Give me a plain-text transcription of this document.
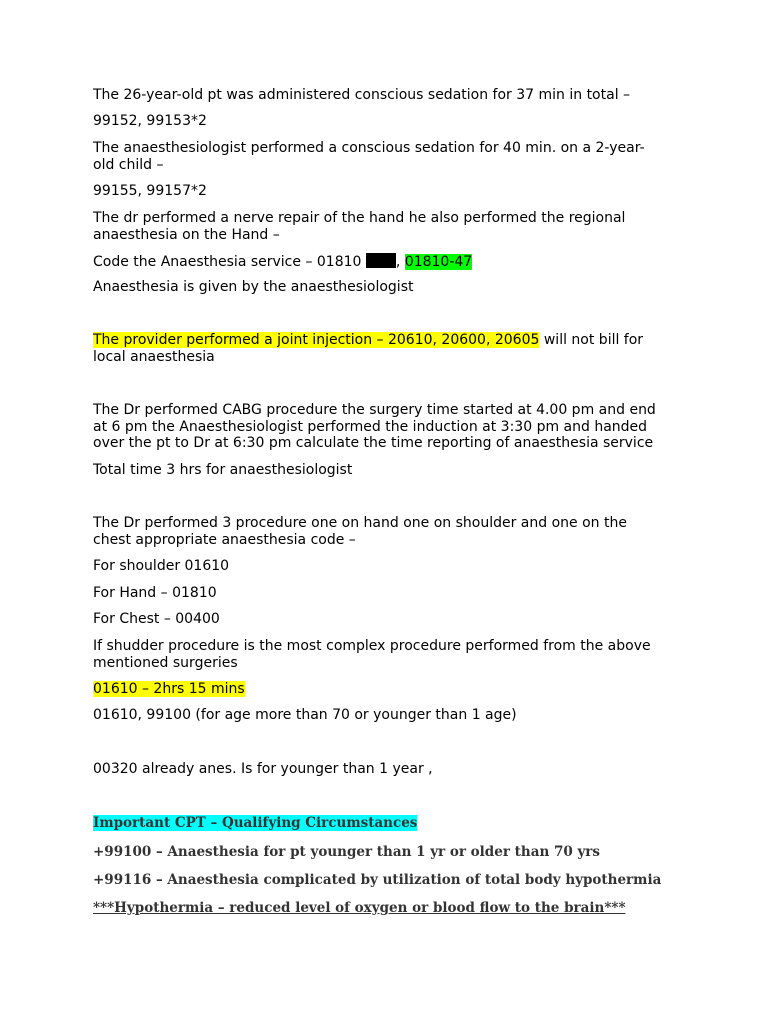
The 26-year-old pt was administered conscious sedation for 37 min in total –

99152, 99153*2

The anaesthesiologist performed a conscious sedation for 40 min. on a 2-year-old child –

99155, 99157*2

The dr performed a nerve repair of the hand he also performed the regional anaesthesia on the Hand –

Code the Anaesthesia service – 01810 , 01810-47

Anaesthesia is given by the anaesthesiologist

The provider performed a joint injection – 20610, 20600, 20605 will not bill for local anaesthesia

The Dr performed CABG procedure the surgery time started at 4.00 pm and end at 6 pm the Anaesthesiologist performed the induction at 3:30 pm and handed over the pt to Dr at 6:30 pm calculate the time reporting of anaesthesia service

Total time 3 hrs for anaesthesiologist

The Dr performed 3 procedure one on hand one on shoulder and one on the chest appropriate anaesthesia code –

For shoulder 01610

For Hand – 01810

For Chest – 00400

If shudder procedure is the most complex procedure performed from the above mentioned surgeries

01610 – 2hrs 15 mins

01610, 99100 (for age more than 70 or younger than 1 age)

00320 already anes. Is for younger than 1 year ,

Important CPT – Qualifying Circumstances

+99100 – Anaesthesia for pt younger than 1 yr or older than 70 yrs

+99116 – Anaesthesia complicated by utilization of total body hypothermia

***Hypothermia – reduced level of oxygen or blood flow to the brain***
